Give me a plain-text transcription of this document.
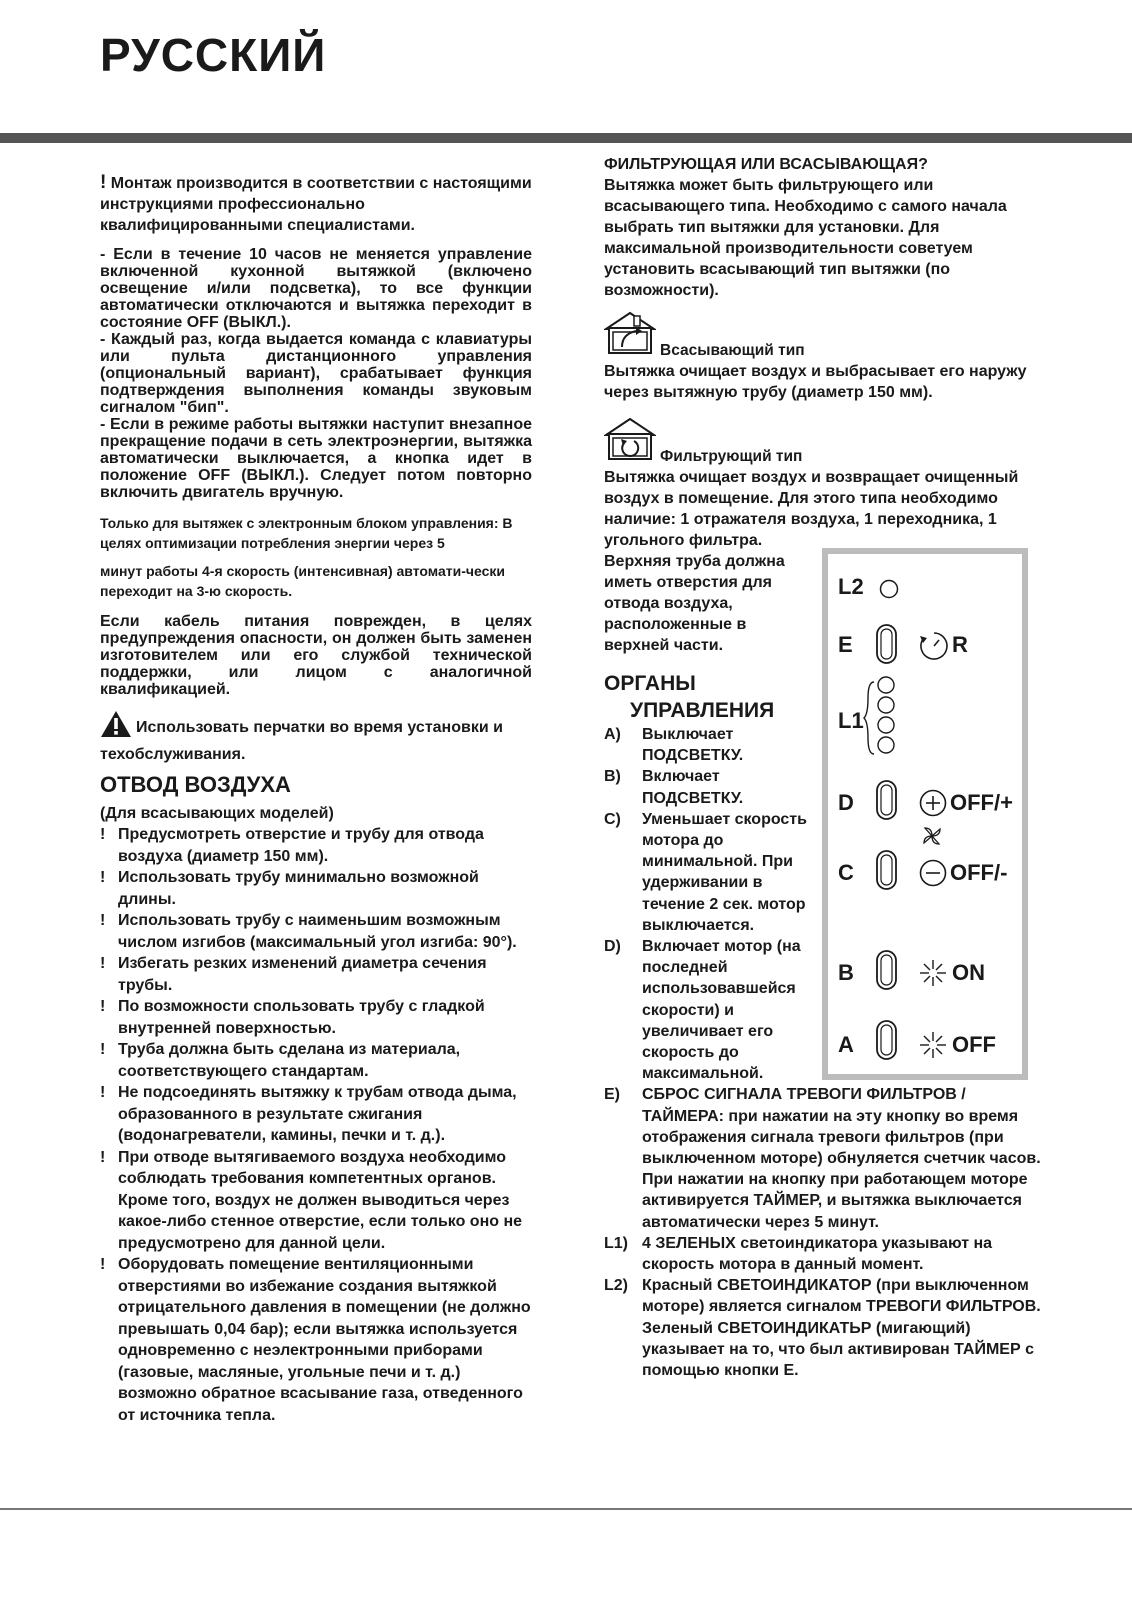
РУССКИЙ

! Монтаж производится в соответствии с настоящими инструкциями профессионально квалифицированными специалистами.

- Если в течение 10 часов не меняется управление включенной кухонной вытяжкой (включено освещение и/или подсветка), то все функции автоматически отключаются и вытяжка переходит в состояние OFF (ВЫКЛ.).

- Каждый раз, когда выдается команда с клавиатуры или пульта дистанционного управления (опциональный вариант), срабатывает функция подтверждения выполнения команды звуковым сигналом "бип".

- Если в режиме работы вытяжки наступит внезапное прекращение подачи в сеть электроэнергии, вытяжка автоматически выключается, а кнопка идет в положение OFF (ВЫКЛ.). Следует потом повторно включить двигатель вручную.

Только для вытяжек с электронным блоком управления: В целях оптимизации потребления энергии через 5

минут работы 4-я скорость (интенсивная) автомати-чески переходит на 3-ю скорость.

Если кабель питания поврежден, в целях предупреждения опасности, он должен быть заменен изготовителем или его службой технической поддержки, или лицом с аналогичной квалификацией.

Использовать перчатки во время установки и техобслуживания.
ОТВОД ВОЗДУХА

(Для всасывающих моделей)

! Предусмотреть отверстие и трубу для отвода воздуха (диаметр 150 мм).
! Использовать трубу минимально возможной длины.
! Использовать трубу с наименьшим возможным числом изгибов (максимальный угол изгиба: 90°).
! Избегать резких изменений диаметра сечения трубы.
! По возможности спользовать трубу с гладкой внутренней поверхностью.
! Труба должна быть сделана из материала, соответствующего стандартам.
! Не подсоединять вытяжку к трубам отвода дыма, образованного в результате сжигания (водонагреватели, камины, печки и т. д.).
! При отводе вытягиваемого воздуха необходимо соблюдать требования компетентных органов. Кроме того, воздух не должен выводиться через какое-либо стенное отверстие, если только оно не предусмотрено для данной цели.
! Оборудовать помещение вентиляционными отверстиями во избежание создания вытяжкой отрицательного давления в помещении (не должно превышать 0,04 бар); если вытяжка используется одновременно с неэлектронными приборами (газовые, масляные, угольные печи и т. д.) возможно обратное всасывание газа, отведенного от источника тепла.

ФИЛЬТРУЮЩАЯ ИЛИ ВСАСЫВАЮЩАЯ?

Вытяжка может быть фильтрующего или всасывающего типа. Необходимо с самого начала выбрать тип вытяжки для установки. Для максимальной производительности советуем установить всасывающий тип вытяжки (по возможности).

Всасывающий тип

Вытяжка очищает воздух и выбрасывает его наружу через вытяжную трубу (диаметр 150 мм).

Фильтрующий тип

Вытяжка очищает воздух и возвращает очищенный воздух в помещение. Для этого типа необходимо наличие: 1 отражателя воздуха, 1 переходника, 1 угольного фильтра.

Верхняя труба должна иметь отверстия для отвода воздуха, расположенные в верхней части.

ОРГАНЫ
УПРАВЛЕНИЯ
A) Выключает ПОДСВЕТКУ.
B) Включает ПОДСВЕТКУ.
C) Уменьшает скорость мотора до минимальной. При удерживании в течение 2 сек. мотор выключается.
D) Включает мотор (на последней использовавшейся скорости) и увеличивает его скорость до максимальной.
E) СБРОС СИГНАЛА ТРЕВОГИ ФИЛЬТРОВ / ТАЙМЕРА: при нажатии на эту кнопку во время отображения сигнала тревоги фильтров (при выключенном моторе) обнуляется счетчик часов. При нажатии на кнопку при работающем моторе активируется ТАЙМЕР, и вытяжка выключается автоматически через 5 минут.
L1) 4 ЗЕЛЕНЫХ светоиндикатора указывают на скорость мотора в данный момент.
L2) Красный СВЕТОИНДИКАТОР (при выключенном моторе) является сигналом ТРЕВОГИ ФИЛЬТРОВ. Зеленый СВЕТОИНДИКАТЬР (мигающий) указывает на то, что был активирован ТАЙМЕР с помощью кнопки E.
L2
E	R
L1
D	OFF/+
C	OFF/-
B	ON
A	OFF
